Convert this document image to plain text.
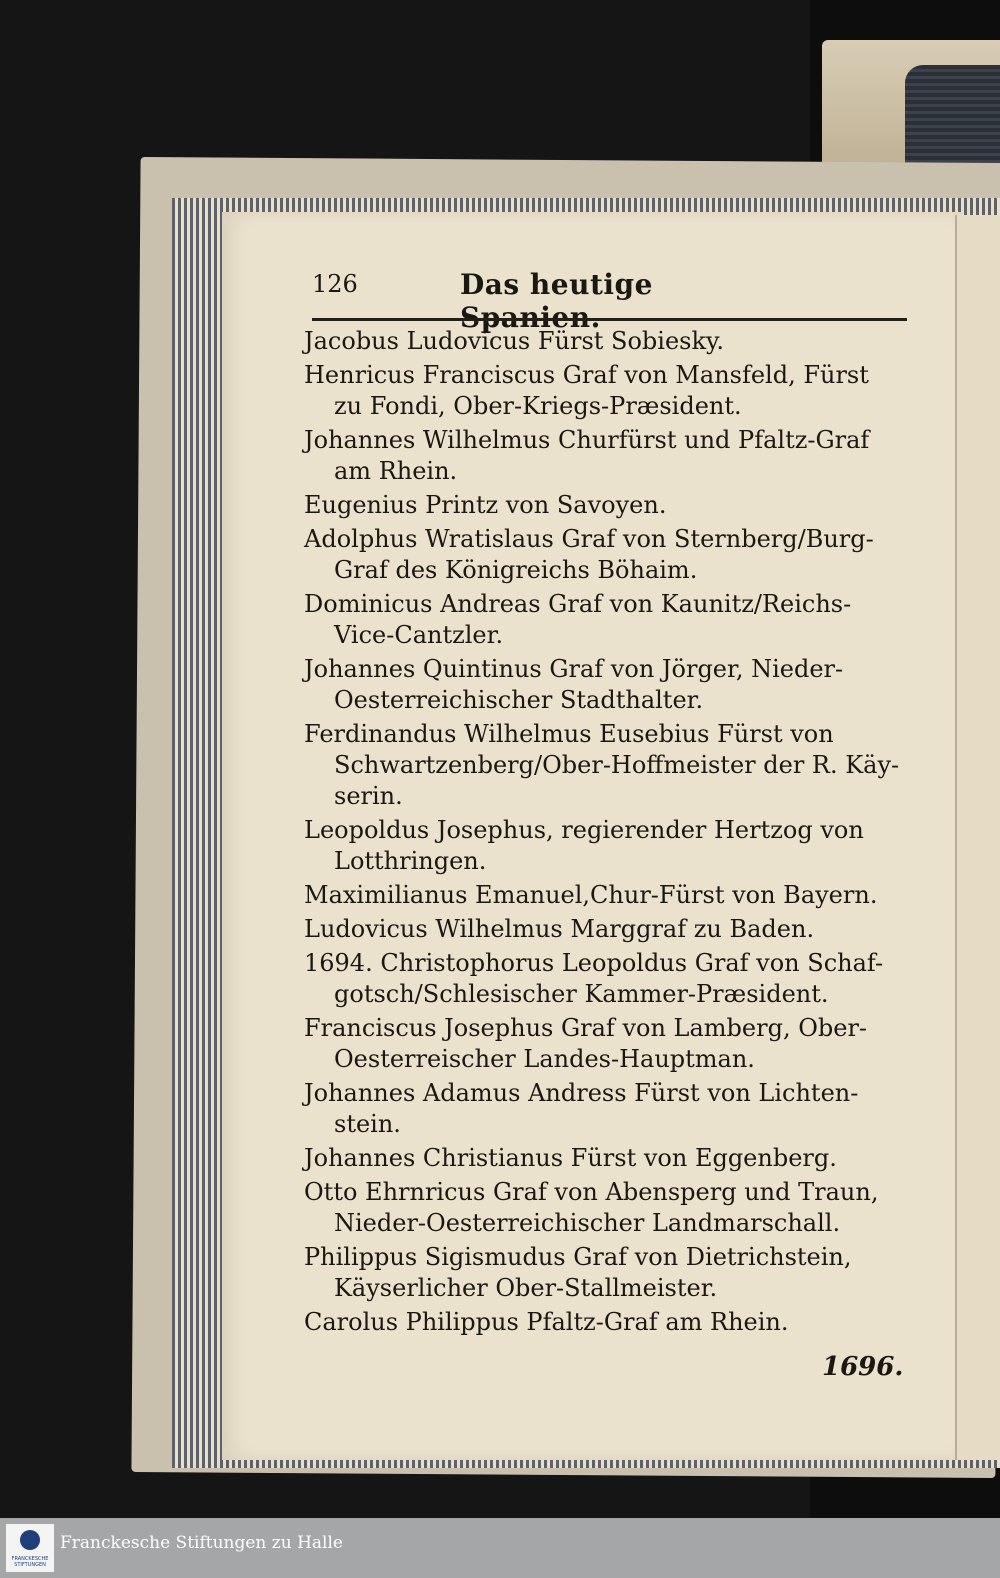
126	Das heutige Spanien.
Jacobus Ludovicus Fürst Sobiesky.
Henricus Franciscus Graf von Mansfeld, Fürst
zu Fondi, Ober-Kriegs-Præsident.
Johannes Wilhelmus Churfürst und Pfaltz-Graf
am Rhein.
Eugenius Printz von Savoyen.
Adolphus Wratislaus Graf von Sternberg/Burg-
Graf des Königreichs Böhaim.
Dominicus Andreas Graf von Kaunitz/Reichs-
Vice-Cantzler.
Johannes Quintinus Graf von Jörger, Nieder-
Oesterreichischer Stadthalter.
Ferdinandus Wilhelmus Eusebius Fürst von
Schwartzenberg/Ober-Hoffmeister der R. Käy-
serin.
Leopoldus Josephus, regierender Hertzog von
Lotthringen.
Maximilianus Emanuel,Chur-Fürst von Bayern.
Ludovicus Wilhelmus Marggraf zu Baden.
1694. Christophorus Leopoldus Graf von Schaf-
gotsch/Schlesischer Kammer-Præsident.
Franciscus Josephus Graf von Lamberg, Ober-
Oesterreischer Landes-Hauptman.
Johannes Adamus Andress Fürst von Lichten-
stein.
Johannes Christianus Fürst von Eggenberg.
Otto Ehrnricus Graf von Abensperg und Traun,
Nieder-Oesterreichischer Landmarschall.
Philippus Sigismudus Graf von Dietrichstein,
Käyserlicher Ober-Stallmeister.
Carolus Philippus Pfaltz-Graf am Rhein.
1696.
FRANCKESCHE STIFTUNGEN
Franckesche Stiftungen zu Halle
